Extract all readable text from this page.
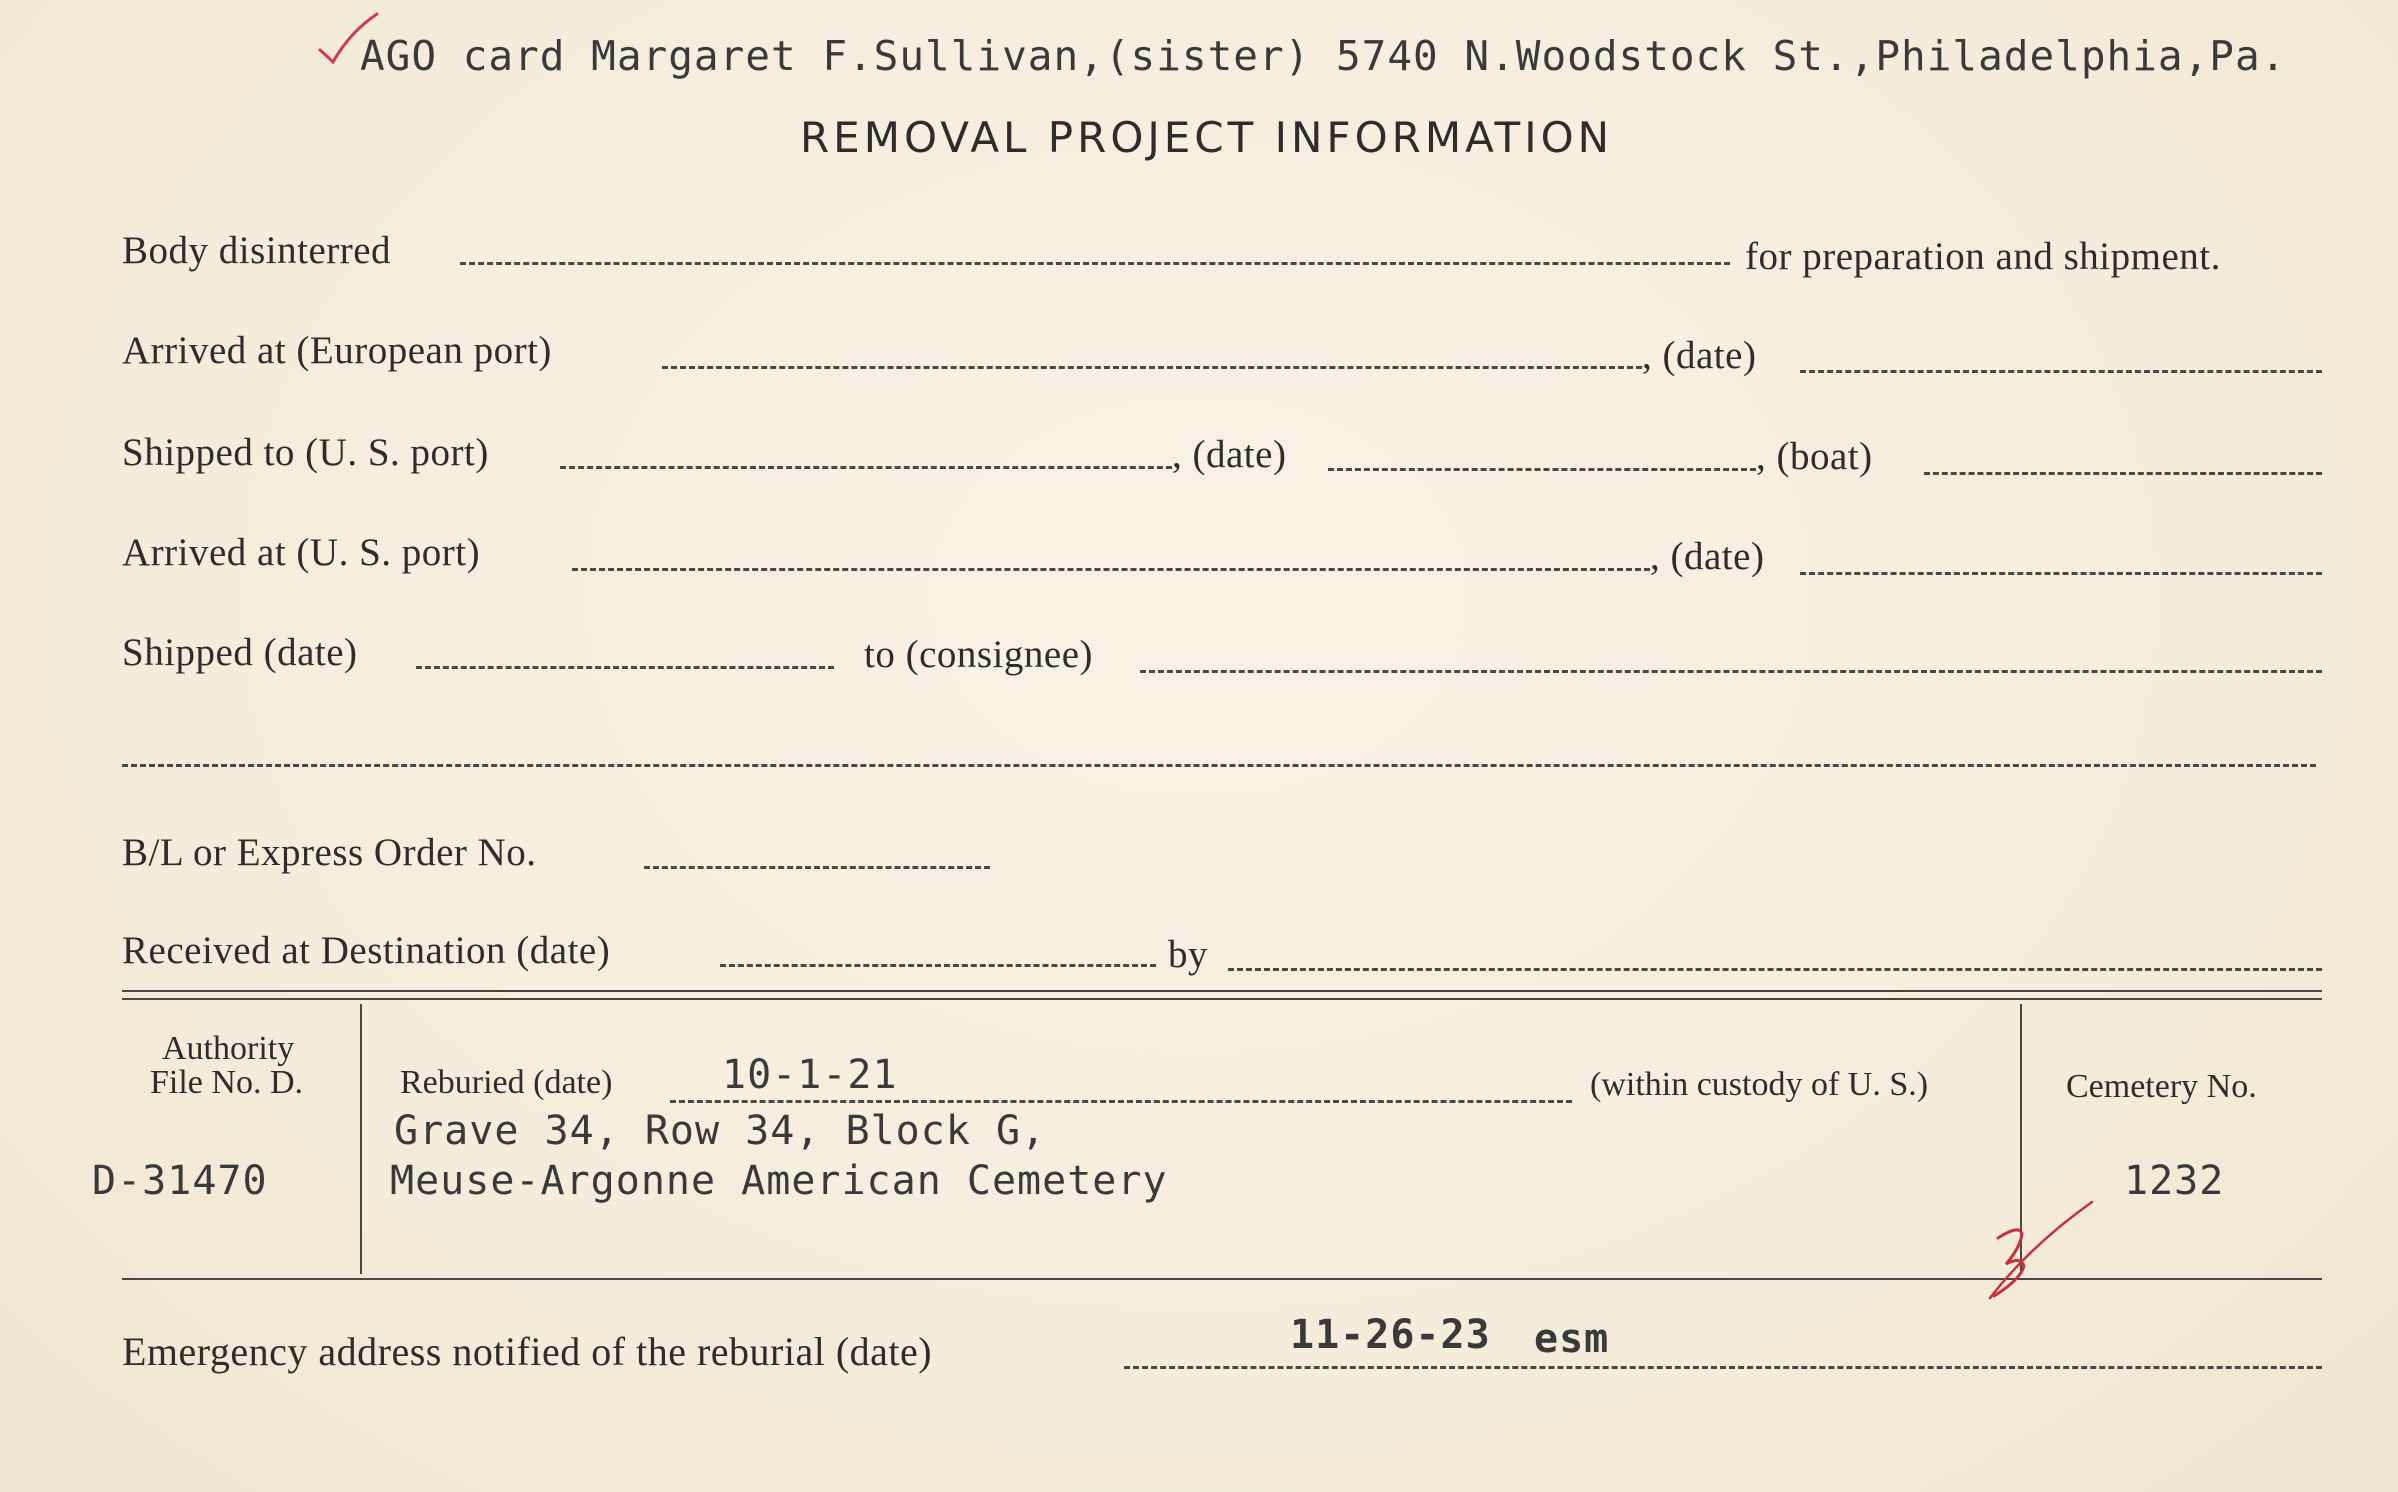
AGO card Margaret F.Sullivan,(sister) 5740 N.Woodstock St.,Philadelphia,Pa.
REMOVAL PROJECT INFORMATION
Body disinterred	for preparation and shipment.
Arrived at (European port)	, (date)
Shipped to (U. S. port)	, (date)	, (boat)
Arrived at (U. S. port)	, (date)
Shipped (date)	to (consignee)
B/L or Express Order No.
Received at Destination (date)	by
Authority
File No. D.
D-31470
Reburied (date)	10-1-21	(within custody of U. S.)
Grave 34, Row 34, Block G,
Meuse-Argonne American Cemetery
Cemetery No.
1232
Emergency address notified of the reburial (date)	11-26-23 esm
